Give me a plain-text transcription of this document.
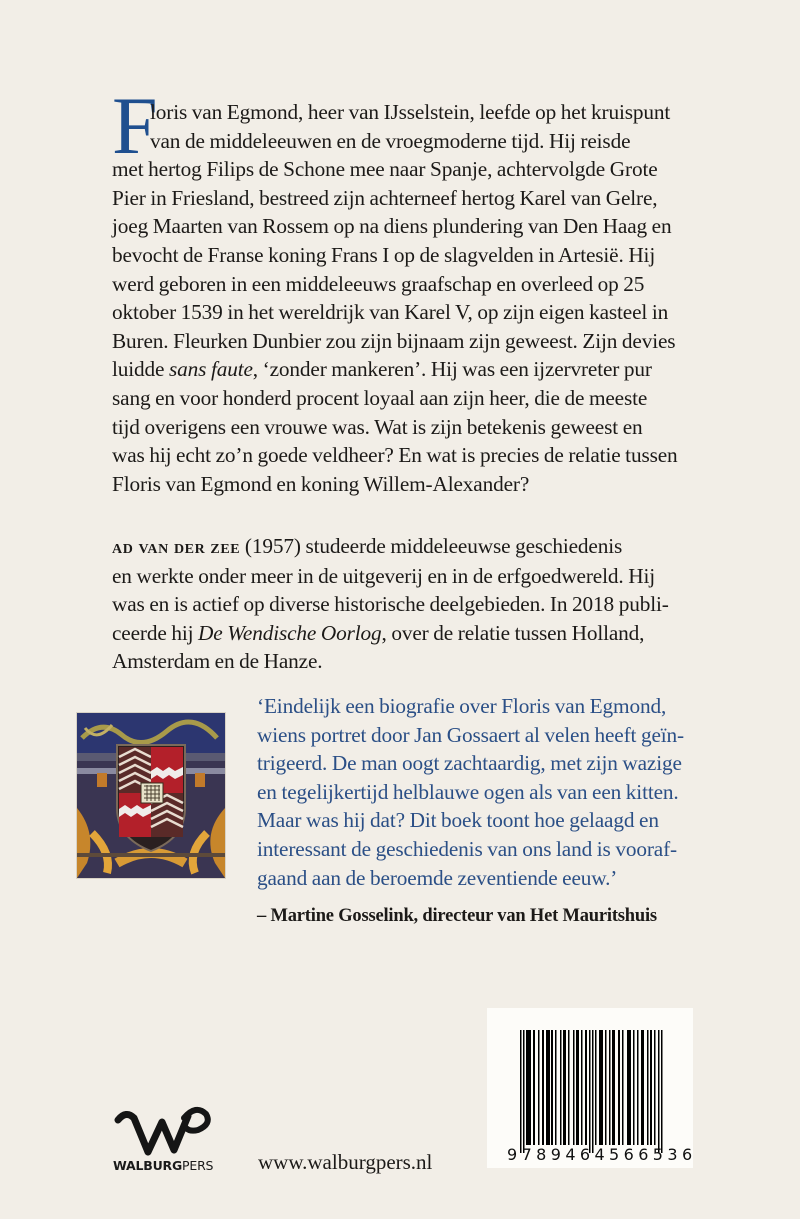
F
loris van Egmond, heer van IJsselstein, leefde op het kruispunt
van de middeleeuwen en de vroegmoderne tijd. Hij reisde
met hertog Filips de Schone mee naar Spanje, achtervolgde Grote
Pier in Friesland, bestreed zijn achterneef hertog Karel van Gelre,
joeg Maarten van Rossem op na diens plundering van Den Haag en
bevocht de Franse koning Frans I op de slagvelden in Artesië. Hij
werd geboren in een middeleeuws graafschap en overleed op 25
oktober 1539 in het wereldrijk van Karel V, op zijn eigen kasteel in
Buren. Fleurken Dunbier zou zijn bijnaam zijn geweest. Zijn devies
luidde sans faute, ‘zonder mankeren’. Hij was een ijzervreter pur
sang en voor honderd procent loyaal aan zijn heer, die de meeste
tijd overigens een vrouwe was. Wat is zijn betekenis geweest en
was hij echt zo’n goede veldheer? En wat is precies de relatie tussen
Floris van Egmond en koning Willem-Alexander?
ad van der zee (1957) studeerde middeleeuwse geschiedenis
en werkte onder meer in de uitgeverij en in de erfgoedwereld. Hij
was en is actief op diverse historische deelgebieden. In 2018 publi-
ceerde hij De Wendische Oorlog, over de relatie tussen Holland,
Amsterdam en de Hanze.
‘Eindelijk een biografie over Floris van Egmond,
wiens portret door Jan Gossaert al velen heeft geïn-
trigeerd. De man oogt zachtaardig, met zijn wazige
en tegelijkertijd helblauwe ogen als van een kitten.
Maar was hij dat? Dit boek toont hoe gelaagd en
interessant de geschiedenis van ons land is vooraf-
gaand aan de beroemde zeventiende eeuw.’
– Martine Gosselink, directeur van Het Mauritshuis
9789464566536
WALBURGPERS www.walburgpers.nl
